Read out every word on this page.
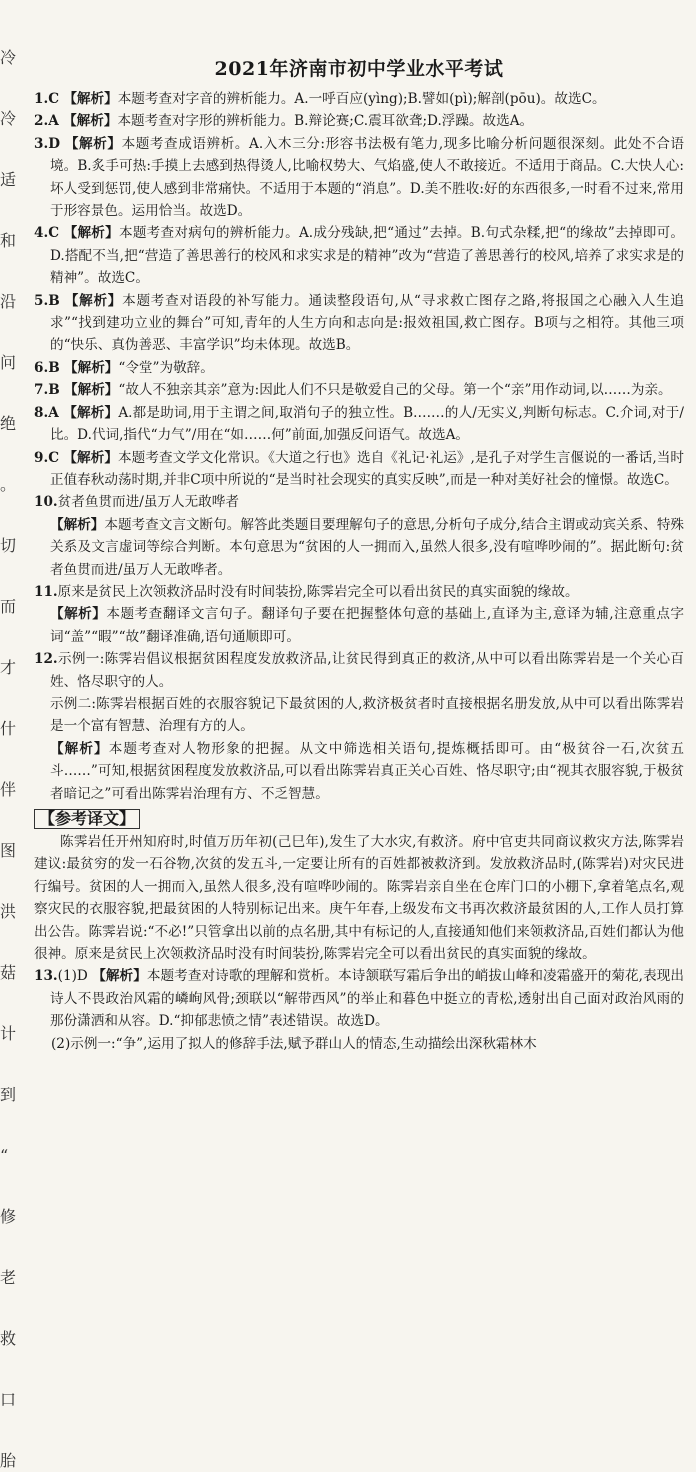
冷
冷
适
和
沿
问
绝
。
切
而
才
什
伴
图
洪
菇
计
到
“
修
老
救
口
胎
2021年济南市初中学业水平考试

1.C 【解析】本题考查对字音的辨析能力。A.一呼百应(yìng);B.譬如(pì);解剖(pōu)。故选C。

2.A 【解析】本题考查对字形的辨析能力。B.辩论赛;C.震耳欲聋;D.浮躁。故选A。

3.D 【解析】本题考查成语辨析。A.入木三分:形容书法极有笔力,现多比喻分析问题很深刻。此处不合语境。B.炙手可热:手摸上去感到热得烫人,比喻权势大、气焰盛,使人不敢接近。不适用于商品。C.大快人心:坏人受到惩罚,使人感到非常痛快。不适用于本题的“消息”。D.美不胜收:好的东西很多,一时看不过来,常用于形容景色。运用恰当。故选D。

4.C 【解析】本题考查对病句的辨析能力。A.成分残缺,把“通过”去掉。B.句式杂糅,把“的缘故”去掉即可。D.搭配不当,把“营造了善思善行的校风和求实求是的精神”改为“营造了善思善行的校风,培养了求实求是的精神”。故选C。

5.B 【解析】本题考查对语段的补写能力。通读整段语句,从“寻求救亡图存之路,将报国之心融入人生追求”“找到建功立业的舞台”可知,青年的人生方向和志向是:报效祖国,救亡图存。B项与之相符。其他三项的“快乐、真伪善恶、丰富学识”均未体现。故选B。

6.B 【解析】“令堂”为敬辞。

7.B 【解析】“故人不独亲其亲”意为:因此人们不只是敬爱自己的父母。第一个“亲”用作动词,以……为亲。

8.A 【解析】A.都是助词,用于主谓之间,取消句子的独立性。B.……的人/无实义,判断句标志。C.介词,对于/比。D.代词,指代“力气”/用在“如……何”前面,加强反问语气。故选A。

9.C 【解析】本题考查文学文化常识。《大道之行也》选自《礼记·礼运》,是孔子对学生言偃说的一番话,当时正值春秋动荡时期,并非C项中所说的“是当时社会现实的真实反映”,而是一种对美好社会的憧憬。故选C。

10.贫者鱼贯而进/虽万人无敢哗者

【解析】本题考查文言文断句。解答此类题目要理解句子的意思,分析句子成分,结合主谓或动宾关系、特殊关系及文言虚词等综合判断。本句意思为“贫困的人一拥而入,虽然人很多,没有喧哗吵闹的”。据此断句:贫者鱼贯而进/虽万人无敢哗者。

11.原来是贫民上次领救济品时没有时间装扮,陈霁岩完全可以看出贫民的真实面貌的缘故。

【解析】本题考查翻译文言句子。翻译句子要在把握整体句意的基础上,直译为主,意译为辅,注意重点字词“盖”“暇”“故”翻译准确,语句通顺即可。

12.示例一:陈霁岩倡议根据贫困程度发放救济品,让贫民得到真正的救济,从中可以看出陈霁岩是一个关心百姓、恪尽职守的人。

示例二:陈霁岩根据百姓的衣服容貌记下最贫困的人,救济极贫者时直接根据名册发放,从中可以看出陈霁岩是一个富有智慧、治理有方的人。

【解析】本题考查对人物形象的把握。从文中筛选相关语句,提炼概括即可。由“极贫谷一石,次贫五斗……”可知,根据贫困程度发放救济品,可以看出陈霁岩真正关心百姓、恪尽职守;由“视其衣服容貌,于极贫者暗记之”可看出陈霁岩治理有方、不乏智慧。

【参考译文】

陈霁岩任开州知府时,时值万历年初(己巳年),发生了大水灾,有救济。府中官吏共同商议救灾方法,陈霁岩建议:最贫穷的发一石谷物,次贫的发五斗,一定要让所有的百姓都被救济到。发放救济品时,(陈霁岩)对灾民进行编号。贫困的人一拥而入,虽然人很多,没有喧哗吵闹的。陈霁岩亲自坐在仓库门口的小棚下,拿着笔点名,观察灾民的衣服容貌,把最贫困的人特别标记出来。庚午年春,上级发布文书再次救济最贫困的人,工作人员打算出公告。陈霁岩说:“不必!”只管拿出以前的点名册,其中有标记的人,直接通知他们来领救济品,百姓们都认为他很神。原来是贫民上次领救济品时没有时间装扮,陈霁岩完全可以看出贫民的真实面貌的缘故。

13.(1)D 【解析】本题考查对诗歌的理解和赏析。本诗颔联写霜后争出的峭拔山峰和凌霜盛开的菊花,表现出诗人不畏政治风霜的嶙峋风骨;颈联以“解带西风”的举止和暮色中挺立的青松,透射出自己面对政治风雨的那份潇洒和从容。D.“抑郁悲愤之情”表述错误。故选D。

(2)示例一:“争”,运用了拟人的修辞手法,赋予群山人的情态,生动描绘出深秋霜林木
